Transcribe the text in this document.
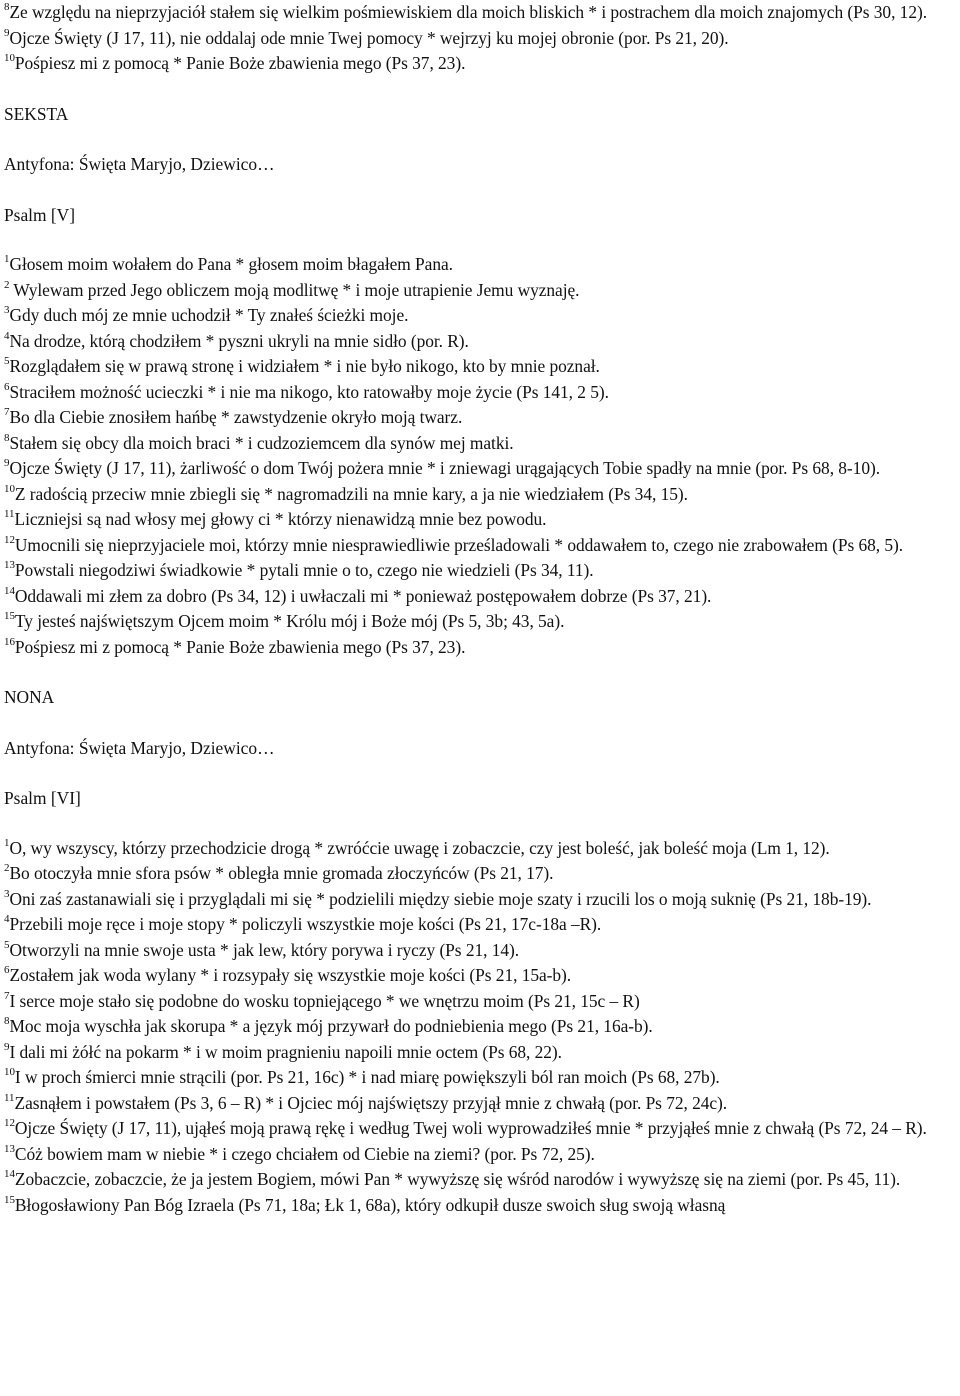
$^8$Ze względu na nieprzyjaciół stałem się wielkim pośmiewiskiem dla moich bliskich * i postrachem dla moich znajomych (Ps 30, 12).

$^9$Ojcze Święty (J 17, 11), nie oddalaj ode mnie Twej pomocy * wejrzyj ku mojej obronie (por. Ps 21, 20).

$^{10}$Pośpiesz mi z pomocą * Panie Boże zbawienia mego (Ps 37, 23).

SEKSTA

Antyfona: Święta Maryjo, Dziewico…

Psalm [V]

$^1$Głosem moim wołałem do Pana * głosem moim błagałem Pana.

$^2$ Wylewam przed Jego obliczem moją modlitwę * i moje utrapienie Jemu wyznaję.

$^3$Gdy duch mój ze mnie uchodził * Ty znałeś ścieżki moje.

$^4$Na drodze, którą chodziłem * pyszni ukryli na mnie sidło (por. R).

$^5$Rozglądałem się w prawą stronę i widziałem * i nie było nikogo, kto by mnie poznał.

$^6$Straciłem możność ucieczki * i nie ma nikogo, kto ratowałby moje życie (Ps 141, 2 5).

$^7$Bo dla Ciebie znosiłem hańbę * zawstydzenie okryło moją twarz.

$^8$Stałem się obcy dla moich braci * i cudzoziemcem dla synów mej matki.

$^9$Ojcze Święty (J 17, 11), żarliwość o dom Twój pożera mnie * i zniewagi urągających Tobie spadły na mnie (por. Ps 68, 8-10).

$^{10}$Z radością przeciw mnie zbiegli się * nagromadzili na mnie kary, a ja nie wiedziałem (Ps 34, 15).

$^{11}$Liczniejsi są nad włosy mej głowy ci * którzy nienawidzą mnie bez powodu.

$^{12}$Umocnili się nieprzyjaciele moi, którzy mnie niesprawiedliwie prześladowali * oddawałem to, czego nie zrabowałem (Ps 68, 5).

$^{13}$Powstali niegodziwi świadkowie * pytali mnie o to, czego nie wiedzieli (Ps 34, 11).

$^{14}$Oddawali mi złem za dobro (Ps 34, 12) i uwłaczali mi * ponieważ postępowałem dobrze (Ps 37, 21).

$^{15}$Ty jesteś najświętszym Ojcem moim * Królu mój i Boże mój (Ps 5, 3b; 43, 5a).

$^{16}$Pośpiesz mi z pomocą * Panie Boże zbawienia mego (Ps 37, 23).

NONA

Antyfona: Święta Maryjo, Dziewico…

Psalm [VI]

$^1$O, wy wszyscy, którzy przechodzicie drogą * zwróćcie uwagę i zobaczcie, czy jest boleść, jak boleść moja (Lm 1, 12).

$^2$Bo otoczyła mnie sfora psów * obległa mnie gromada złoczyńców (Ps 21, 17).

$^3$Oni zaś zastanawiali się i przyglądali mi się * podzielili między siebie moje szaty i rzucili los o moją suknię (Ps 21, 18b-19).

$^4$Przebili moje ręce i moje stopy * policzyli wszystkie moje kości (Ps 21, 17c-18a –R).

$^5$Otworzyli na mnie swoje usta * jak lew, który porywa i ryczy (Ps 21, 14).

$^6$Zostałem jak woda wylany * i rozsypały się wszystkie moje kości (Ps 21, 15a-b).

$^7$I serce moje stało się podobne do wosku topniejącego * we wnętrzu moim (Ps 21, 15c – R)

$^8$Moc moja wyschła jak skorupa * a język mój przywarł do podniebienia mego (Ps 21, 16a-b).

$^9$I dali mi żółć na pokarm * i w moim pragnieniu napoili mnie octem (Ps 68, 22).

$^{10}$I w proch śmierci mnie strącili (por. Ps 21, 16c) * i nad miarę powiększyli ból ran moich (Ps 68, 27b).

$^{11}$Zasnąłem i powstałem (Ps 3, 6 – R) * i Ojciec mój najświętszy przyjął mnie z chwałą (por. Ps 72, 24c).

$^{12}$Ojcze Święty (J 17, 11), ująłeś moją prawą rękę i według Twej woli wyprowadziłeś mnie * przyjąłeś mnie z chwałą (Ps 72, 24 – R).

$^{13}$Cóż bowiem mam w niebie * i czego chciałem od Ciebie na ziemi? (por. Ps 72, 25).

$^{14}$Zobaczcie, zobaczcie, że ja jestem Bogiem, mówi Pan * wywyższę się wśród narodów i wywyższę się na ziemi (por. Ps 45, 11).

$^{15}$Błogosławiony Pan Bóg Izraela (Ps 71, 18a; Łk 1, 68a), który odkupił dusze swoich sług swoją własną
